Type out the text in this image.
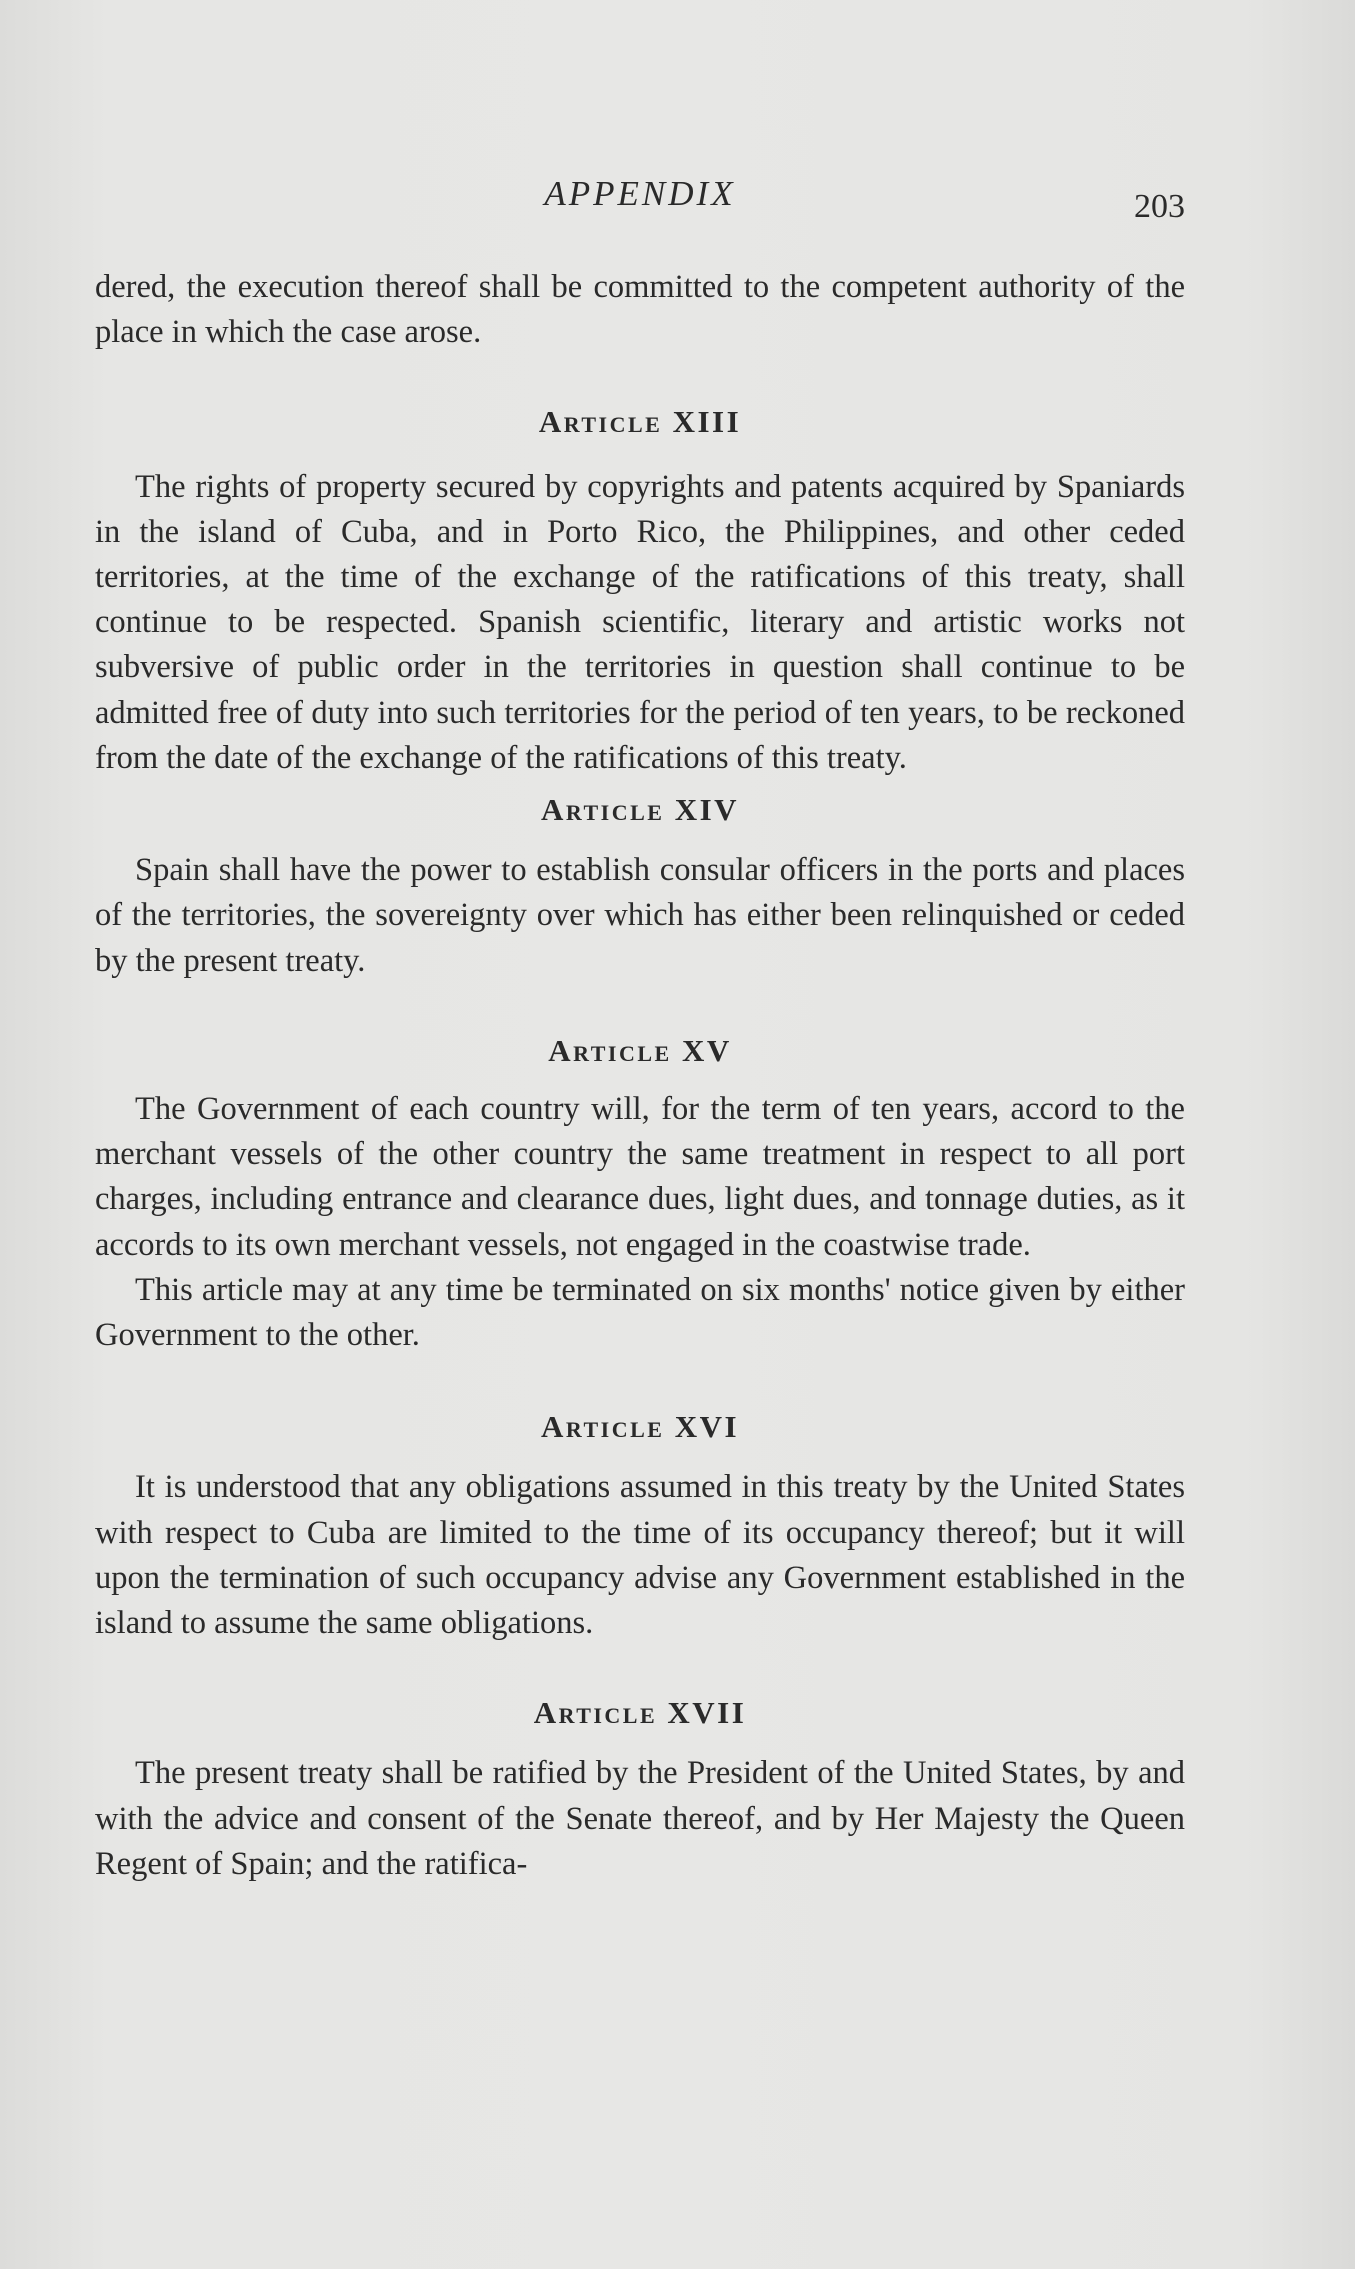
APPENDIX	203

dered, the execution thereof shall be committed to the competent authority of the place in which the case arose.

Article XIII

The rights of property secured by copyrights and patents acquired by Spaniards in the island of Cuba, and in Porto Rico, the Philippines, and other ceded territories, at the time of the exchange of the ratifications of this treaty, shall continue to be respected. Spanish scientific, literary and artistic works not subversive of public order in the territories in question shall continue to be admitted free of duty into such territories for the period of ten years, to be reckoned from the date of the exchange of the ratifications of this treaty.

Article XIV

Spain shall have the power to establish consular officers in the ports and places of the territories, the sovereignty over which has either been relinquished or ceded by the present treaty.

Article XV

The Government of each country will, for the term of ten years, accord to the merchant vessels of the other country the same treatment in respect to all port charges, including entrance and clearance dues, light dues, and tonnage duties, as it accords to its own merchant vessels, not engaged in the coastwise trade.

This article may at any time be terminated on six months' notice given by either Government to the other.

Article XVI

It is understood that any obligations assumed in this treaty by the United States with respect to Cuba are limited to the time of its occupancy thereof; but it will upon the termination of such occupancy advise any Government established in the island to assume the same obligations.

Article XVII

The present treaty shall be ratified by the President of the United States, by and with the advice and consent of the Senate thereof, and by Her Majesty the Queen Regent of Spain; and the ratifica-
